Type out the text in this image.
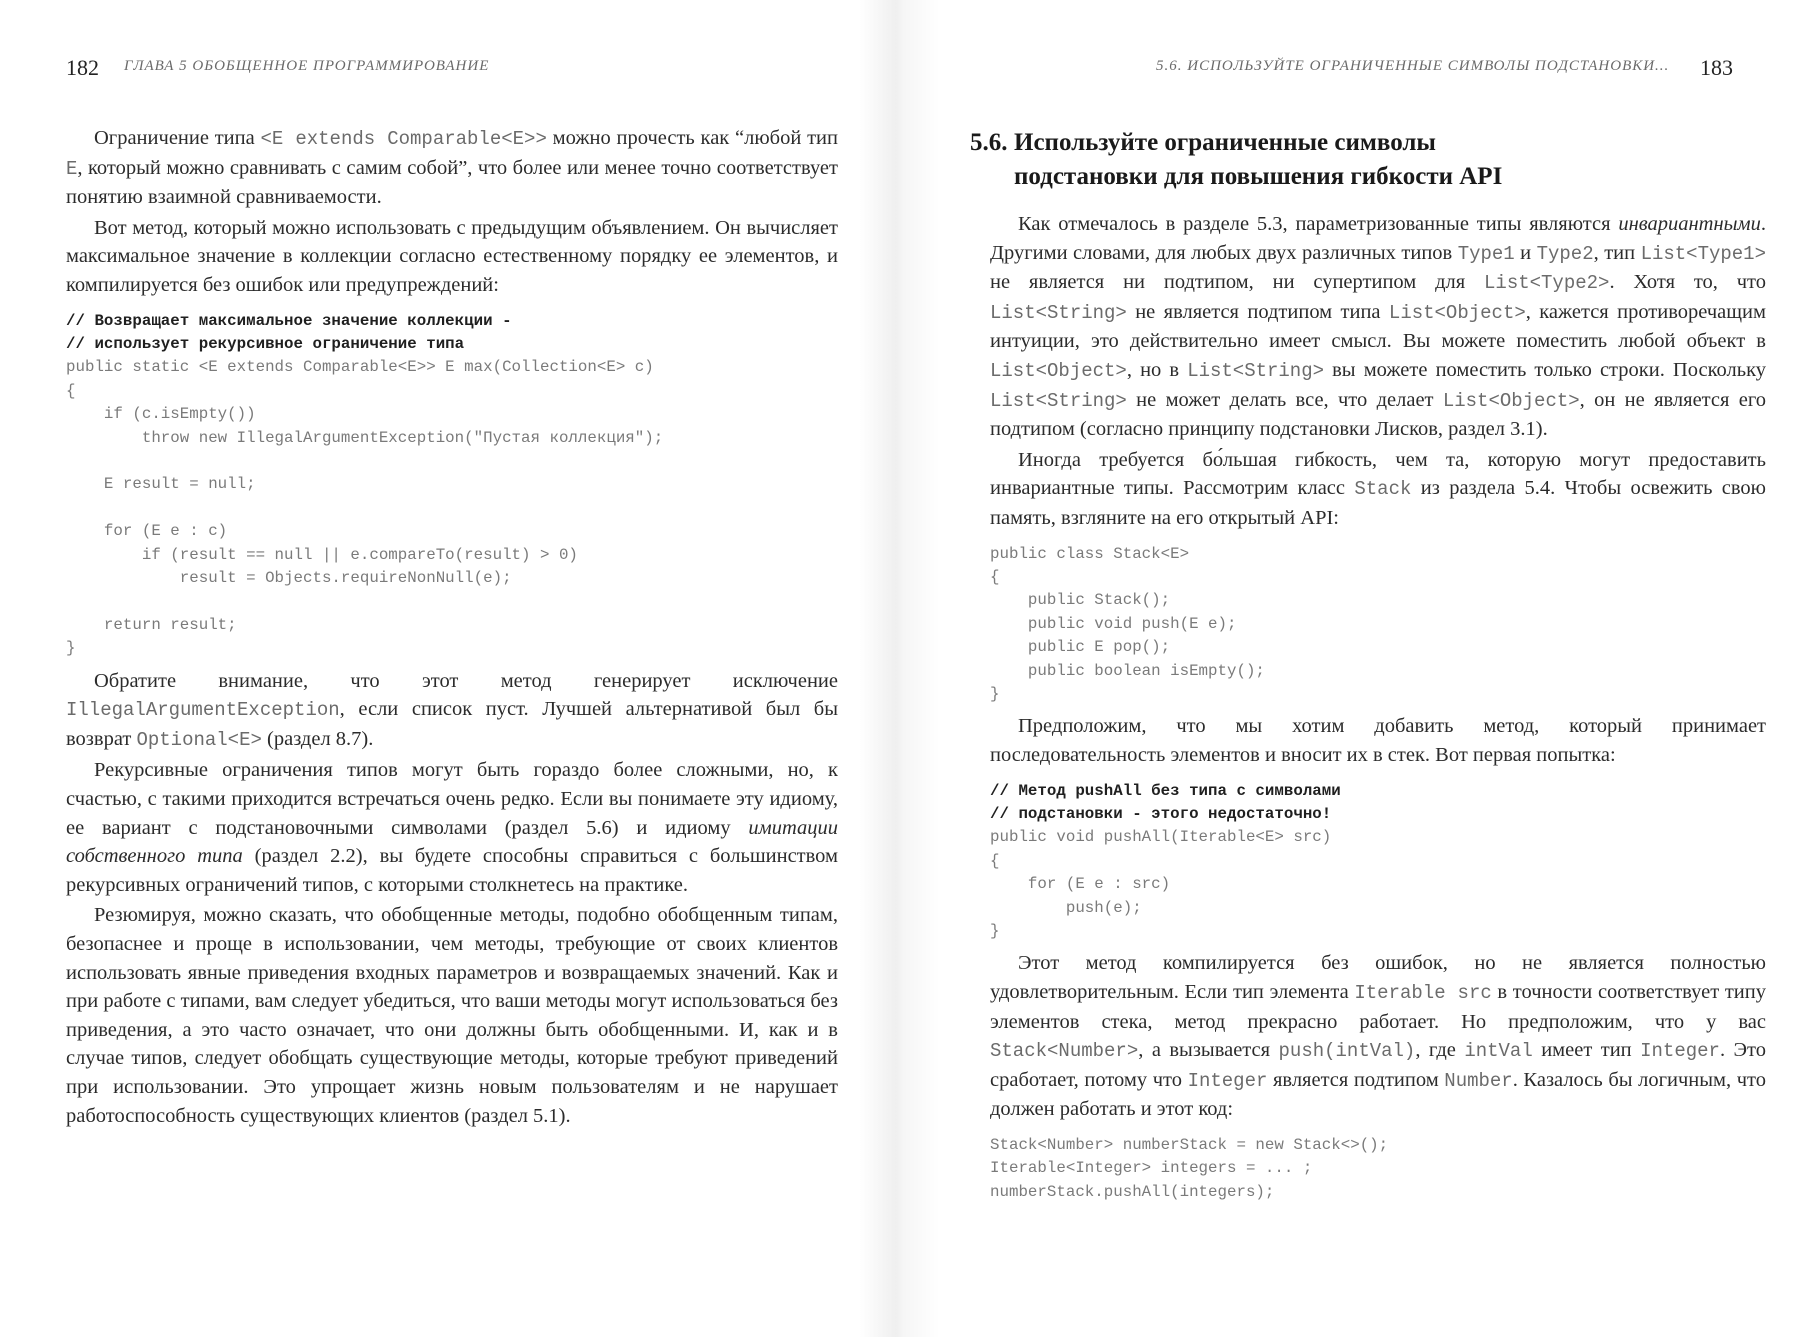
182 ГЛАВА 5 ОБОБЩЕННОЕ ПРОГРАММИРОВАНИЕ

Ограничение типа <E extends Comparable<E>> можно прочесть как “любой тип E, который можно сравнивать с самим собой”, что более или менее точно соответствует понятию взаимной сравниваемости.

Вот метод, который можно использовать с предыдущим объявлением. Он вычисляет максимальное значение в коллекции согласно естественному порядку ее элементов, и компилируется без ошибок или предупреждений:

// Возвращает максимальное значение коллекции -
// использует рекурсивное ограничение типа
public static <E extends Comparable<E>> E max(Collection<E> c)
{
if (c.isEmpty())
throw new IllegalArgumentException("Пустая коллекция");
E result = null;
for (E e : c)
if (result == null || e.compareTo(result) > 0)
result = Objects.requireNonNull(e);
return result;
}

Обратите внимание, что этот метод генерирует исключение IllegalArgumentException, если список пуст. Лучшей альтернативой был бы возврат Optional<E> (раздел 8.7).

Рекурсивные ограничения типов могут быть гораздо более сложными, но, к счастью, с такими приходится встречаться очень редко. Если вы понимаете эту идиому, ее вариант с подстановочными символами (раздел 5.6) и идиому имитации собственного типа (раздел 2.2), вы будете способны справиться с большинством рекурсивных ограничений типов, с которыми столкнетесь на практике.

Резюмируя, можно сказать, что обобщенные методы, подобно обобщенным типам, безопаснее и проще в использовании, чем методы, требующие от своих клиентов использовать явные приведения входных параметров и возвращаемых значений. Как и при работе с типами, вам следует убедиться, что ваши методы могут использоваться без приведения, а это часто означает, что они должны быть обобщенными. И, как и в случае типов, следует обобщать существующие методы, которые требуют приведений при использовании. Это упрощает жизнь новым пользователям и не нарушает работоспособность существующих клиентов (раздел 5.1).

5.6. ИСПОЛЬЗУЙТЕ ОГРАНИЧЕННЫЕ СИМВОЛЫ ПОДСТАНОВКИ... 183
5.6. Используйте ограниченные символы
подстановки для повышения гибкости API

Как отмечалось в разделе 5.3, параметризованные типы являются инвариантными. Другими словами, для любых двух различных типов Type1 и Type2, тип List<Type1> не является ни подтипом, ни супертипом для List<Type2>. Хотя то, что List<String> не является подтипом типа List<Object>, кажется противоречащим интуиции, это действительно имеет смысл. Вы можете поместить любой объект в List<Object>, но в List<String> вы можете поместить только строки. Поскольку List<String> не может делать все, что делает List<Object>, он не является его подтипом (согласно принципу подстановки Лисков, раздел 3.1).

Иногда требуется бо́льшая гибкость, чем та, которую могут предоставить инвариантные типы. Рассмотрим класс Stack из раздела 5.4. Чтобы освежить свою память, взгляните на его открытый API:

public class Stack<E>
{
public Stack();
public void push(E e);
public E pop();
public boolean isEmpty();
}

Предположим, что мы хотим добавить метод, который принимает последовательность элементов и вносит их в стек. Вот первая попытка:

// Метод pushAll без типа с символами
// подстановки - этого недостаточно!
public void pushAll(Iterable<E> src)
{
for (E e : src)
push(e);
}

Этот метод компилируется без ошибок, но не является полностью удовлетворительным. Если тип элемента Iterable src в точности соответствует типу элементов стека, метод прекрасно работает. Но предположим, что у вас Stack<Number>, а вызывается push(intVal), где intVal имеет тип Integer. Это сработает, потому что Integer является подтипом Number. Казалось бы логичным, что должен работать и этот код:

Stack<Number> numberStack = new Stack<>();
Iterable<Integer> integers = ... ;
numberStack.pushAll(integers);
